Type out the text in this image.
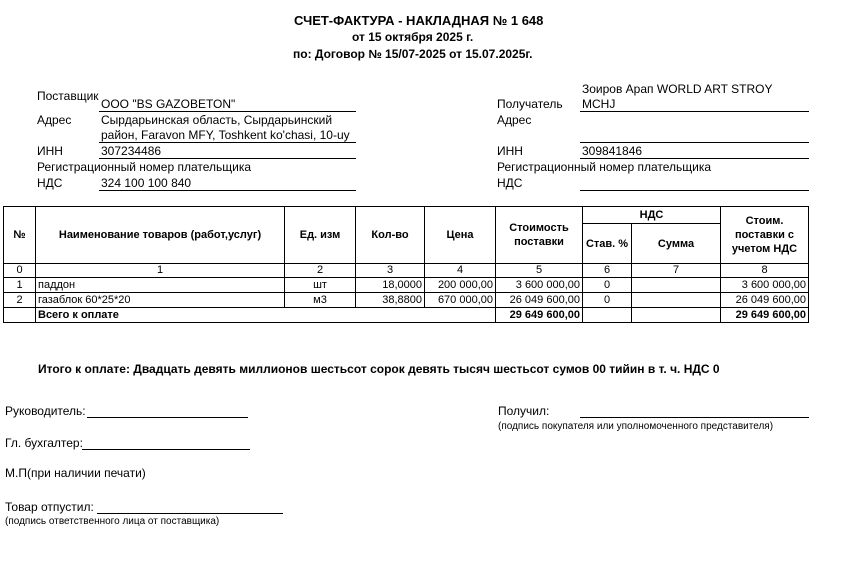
СЧЕТ-ФАКТУРА - НАКЛАДНАЯ № 1 648
от 15 октября 2025 г.
по: Договор № 15/07-2025 от 15.07.2025г.
Поставщик
ООО "BS GAZOBETON"
Адрес Сырдарьинская область, Сырдарьинский
район, Faravon MFY, Toshkent ko'chasi, 10-uy
ИНН	307234486
Регистрационный номер плательщика
НДС	324 100 100 840
Зоиров Арап WORLD ART STROY
Получатель MCHJ
Адрес
ИНН	309841846
Регистрационный номер плательщика
НДС
№	Наименование товаров (работ,услуг)	Ед. изм	Кол-во	Цена	Стоимость поставки	НДС		Стоим. поставки с учетом НДС
						Став. %	Сумма	
0	1	2	3	4	5	6	7	8
1	паддон	шт	18,0000	200 000,00	3 600 000,00	0		3 600 000,00
2	газаблок 60*25*20	м3	38,8800	670 000,00	26 049 600,00	0		26 049 600,00
	Всего к оплате				29 649 600,00			29 649 600,00
Итого к оплате: Двадцать девять миллионов шестьсот сорок девять тысяч шестьсот сумов 00 тийин в т. ч. НДС 0
Руководитель:
Гл. бухгалтер:
М.П(при наличии печати)
Товар отпустил:
(подпись ответственного лица от поставщика)
Получил:
(подпись покупателя или уполномоченного представителя)
